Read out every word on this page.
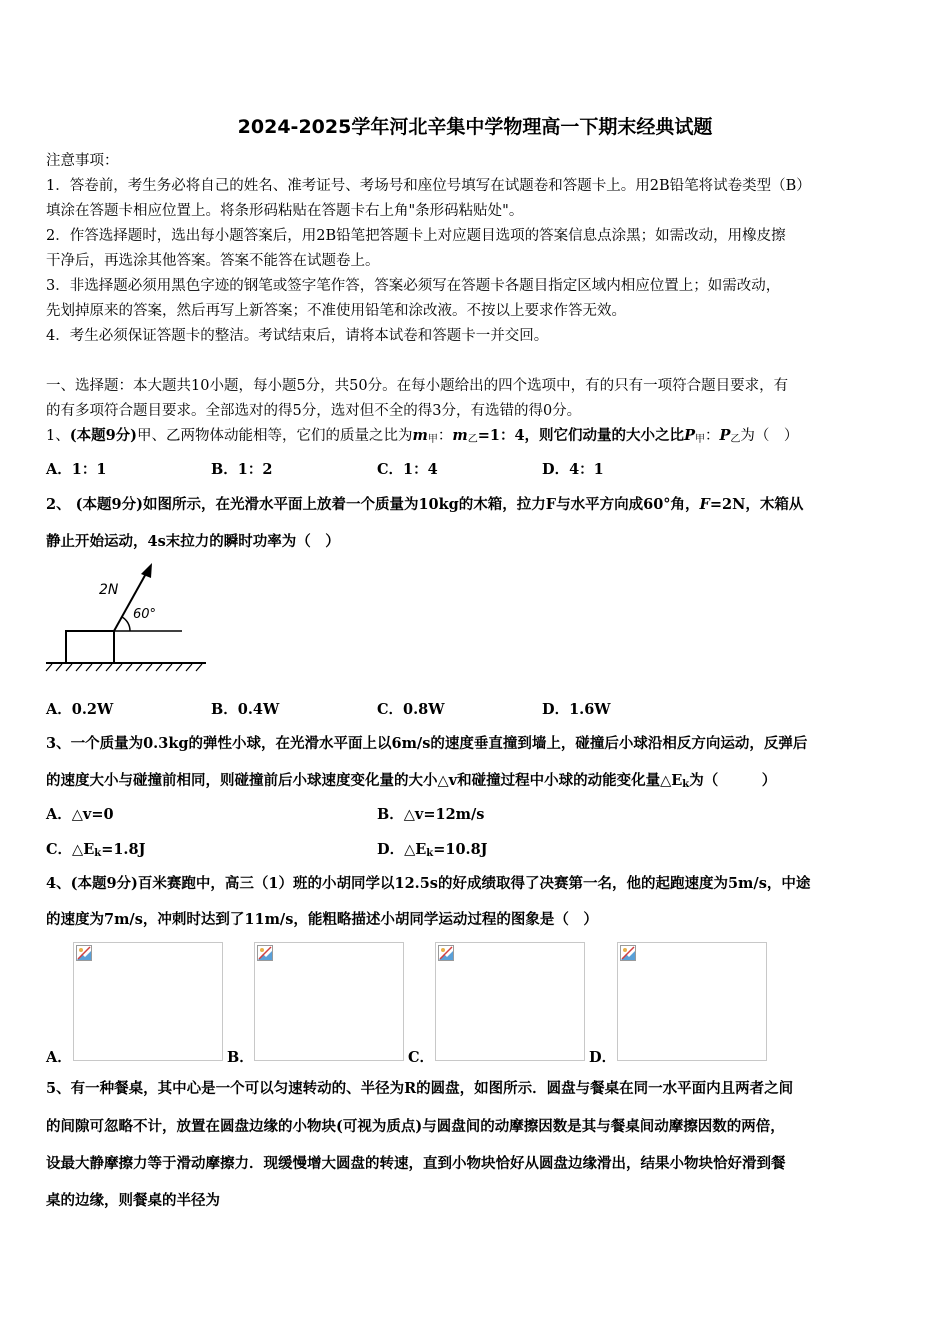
2024-2025学年河北辛集中学物理高一下期末经典试题
注意事项：
1．答卷前，考生务必将自己的姓名、准考证号、考场号和座位号填写在试题卷和答题卡上。用2B铅笔将试卷类型（B）
填涂在答题卡相应位置上。将条形码粘贴在答题卡右上角"条形码粘贴处"。
2．作答选择题时，选出每小题答案后，用2B铅笔把答题卡上对应题目选项的答案信息点涂黑；如需改动，用橡皮擦
干净后，再选涂其他答案。答案不能答在试题卷上。
3．非选择题必须用黑色字迹的钢笔或签字笔作答，答案必须写在答题卡各题目指定区域内相应位置上；如需改动，
先划掉原来的答案，然后再写上新答案；不准使用铅笔和涂改液。不按以上要求作答无效。
4．考生必须保证答题卡的整洁。考试结束后，请将本试卷和答题卡一并交回。
一、选择题：本大题共10小题，每小题5分，共50分。在每小题给出的四个选项中，有的只有一项符合题目要求，有
的有多项符合题目要求。全部选对的得5分，选对但不全的得3分，有选错的得0分。
1、(本题9分)甲、乙两物体动能相等，它们的质量之比为$m_甲$：$m_乙=1$：4，则它们动量的大小之比$P_甲$：$P_乙$为（　）
A．1：1	B．1：2	C．1：4	D．4：1
2、 (本题9分)如图所示，在光滑水平面上放着一个质量为10kg的木箱，拉力F与水平方向成60°角，F=2N，木箱从
静止开始运动，4s末拉力的瞬时功率为（　）
2N
60°
A．0.2W	B．0.4W	C．0.8W	D．1.6W
3、一个质量为0.3kg的弹性小球，在光滑水平面上以6m/s的速度垂直撞到墙上，碰撞后小球沿相反方向运动，反弹后
的速度大小与碰撞前相同，则碰撞前后小球速度变化量的大小△v和碰撞过程中小球的动能变化量$\triangle E_k$为（　　　）
A．△v=0	B．△v=12m/s
C．$\triangle E_k=1.8J$	D．$\triangle E_k=10.8J$
4、(本题9分)百米赛跑中，高三（1）班的小胡同学以12.5s的好成绩取得了决赛第一名，他的起跑速度为5m/s，中途
的速度为7m/s，冲刺时达到了11m/s，能粗略描述小胡同学运动过程的图象是（　）
A．	B．	C．	D．
5、有一种餐桌，其中心是一个可以匀速转动的、半径为R的圆盘，如图所示．圆盘与餐桌在同一水平面内且两者之间
的间隙可忽略不计，放置在圆盘边缘的小物块(可视为质点)与圆盘间的动摩擦因数是其与餐桌间动摩擦因数的两倍，
设最大静摩擦力等于滑动摩擦力．现缓慢增大圆盘的转速，直到小物块恰好从圆盘边缘滑出，结果小物块恰好滑到餐
桌的边缘，则餐桌的半径为
